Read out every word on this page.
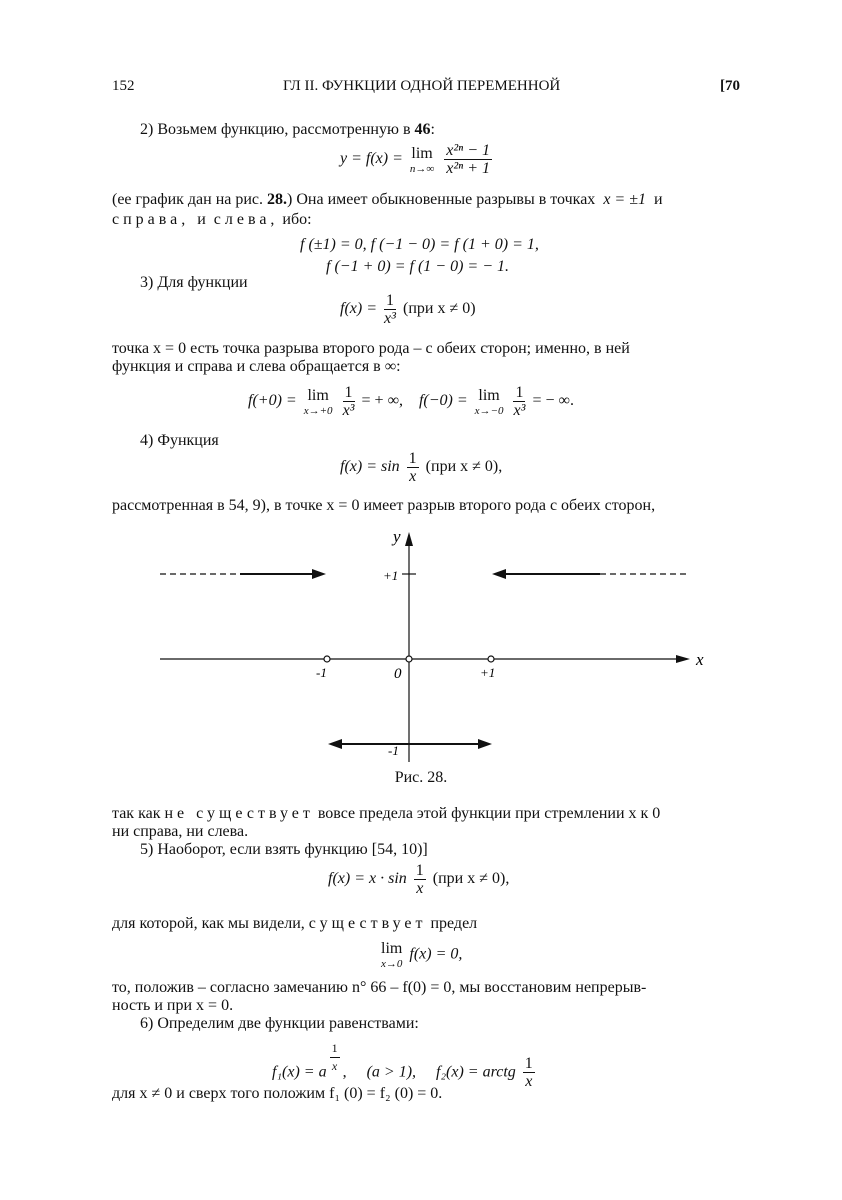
152	ГЛ II. ФУНКЦИИ ОДНОЙ ПЕРЕМЕННОЙ	[70
2) Возьмем функцию, рассмотренную в 46:
y = f(x) = lim
n→∞
$\frac{\text{x²ⁿ − 1}}{\text{x²ⁿ + 1}}$
(ее график дан на рис. 28.) Она имеет обыкновенные разрывы в точках x = ±1 и
справа, и слева, ибо:
f (±1) = 0, f (−1 − 0) = f (1 + 0) = 1,
f (−1 + 0) = f (1 − 0) = − 1.
3) Для функции
$f(x) = \frac{1}{\text{x³}} (при$ x ≠ 0)
точка x = 0 есть точка разрыва второго рода – с обеих сторон; именно, в ней
функция и справа и слева обращается в ∞:
f(+0) = lim
x→+0
$\frac{1}{\text{x³}}$ = + ∞, f(−0) = lim
x→−0
$\frac{1}{\text{x³}}$ = − ∞.
4) Функция
$f(x) = \sin \frac{1}{x} (при$ x ≠ 0),
рассмотренная в 54, 9), в точке x = 0 имеет разрыв второго рода с обеих сторон,
y
x
+1
-1
-1	+1
0
Рис. 28.
так как не существует вовсе предела этой функции при стремлении x к 0
ни справа, ни слева.
5) Наоборот, если взять функцию [54, 10)]
$f(x) = x \cdot \sin \frac{1}{x} (при$ x ≠ 0),
для которой, как мы видели, существует предел
lim
x→0
f(x) = 0,
то, положив – согласно замечанию n° 66 – f(0) = 0, мы восстановим непрерыв-
ность и при x = 0.
6) Определим две функции равенствами:
f₁(x) = a $^{\frac{1}{x}}$ ,     (a > 1), f₂(x) = arctg $\frac{1}{x}$
для x ≠ 0 и сверх того положим f₁ (0) = f₂ (0) = 0.
